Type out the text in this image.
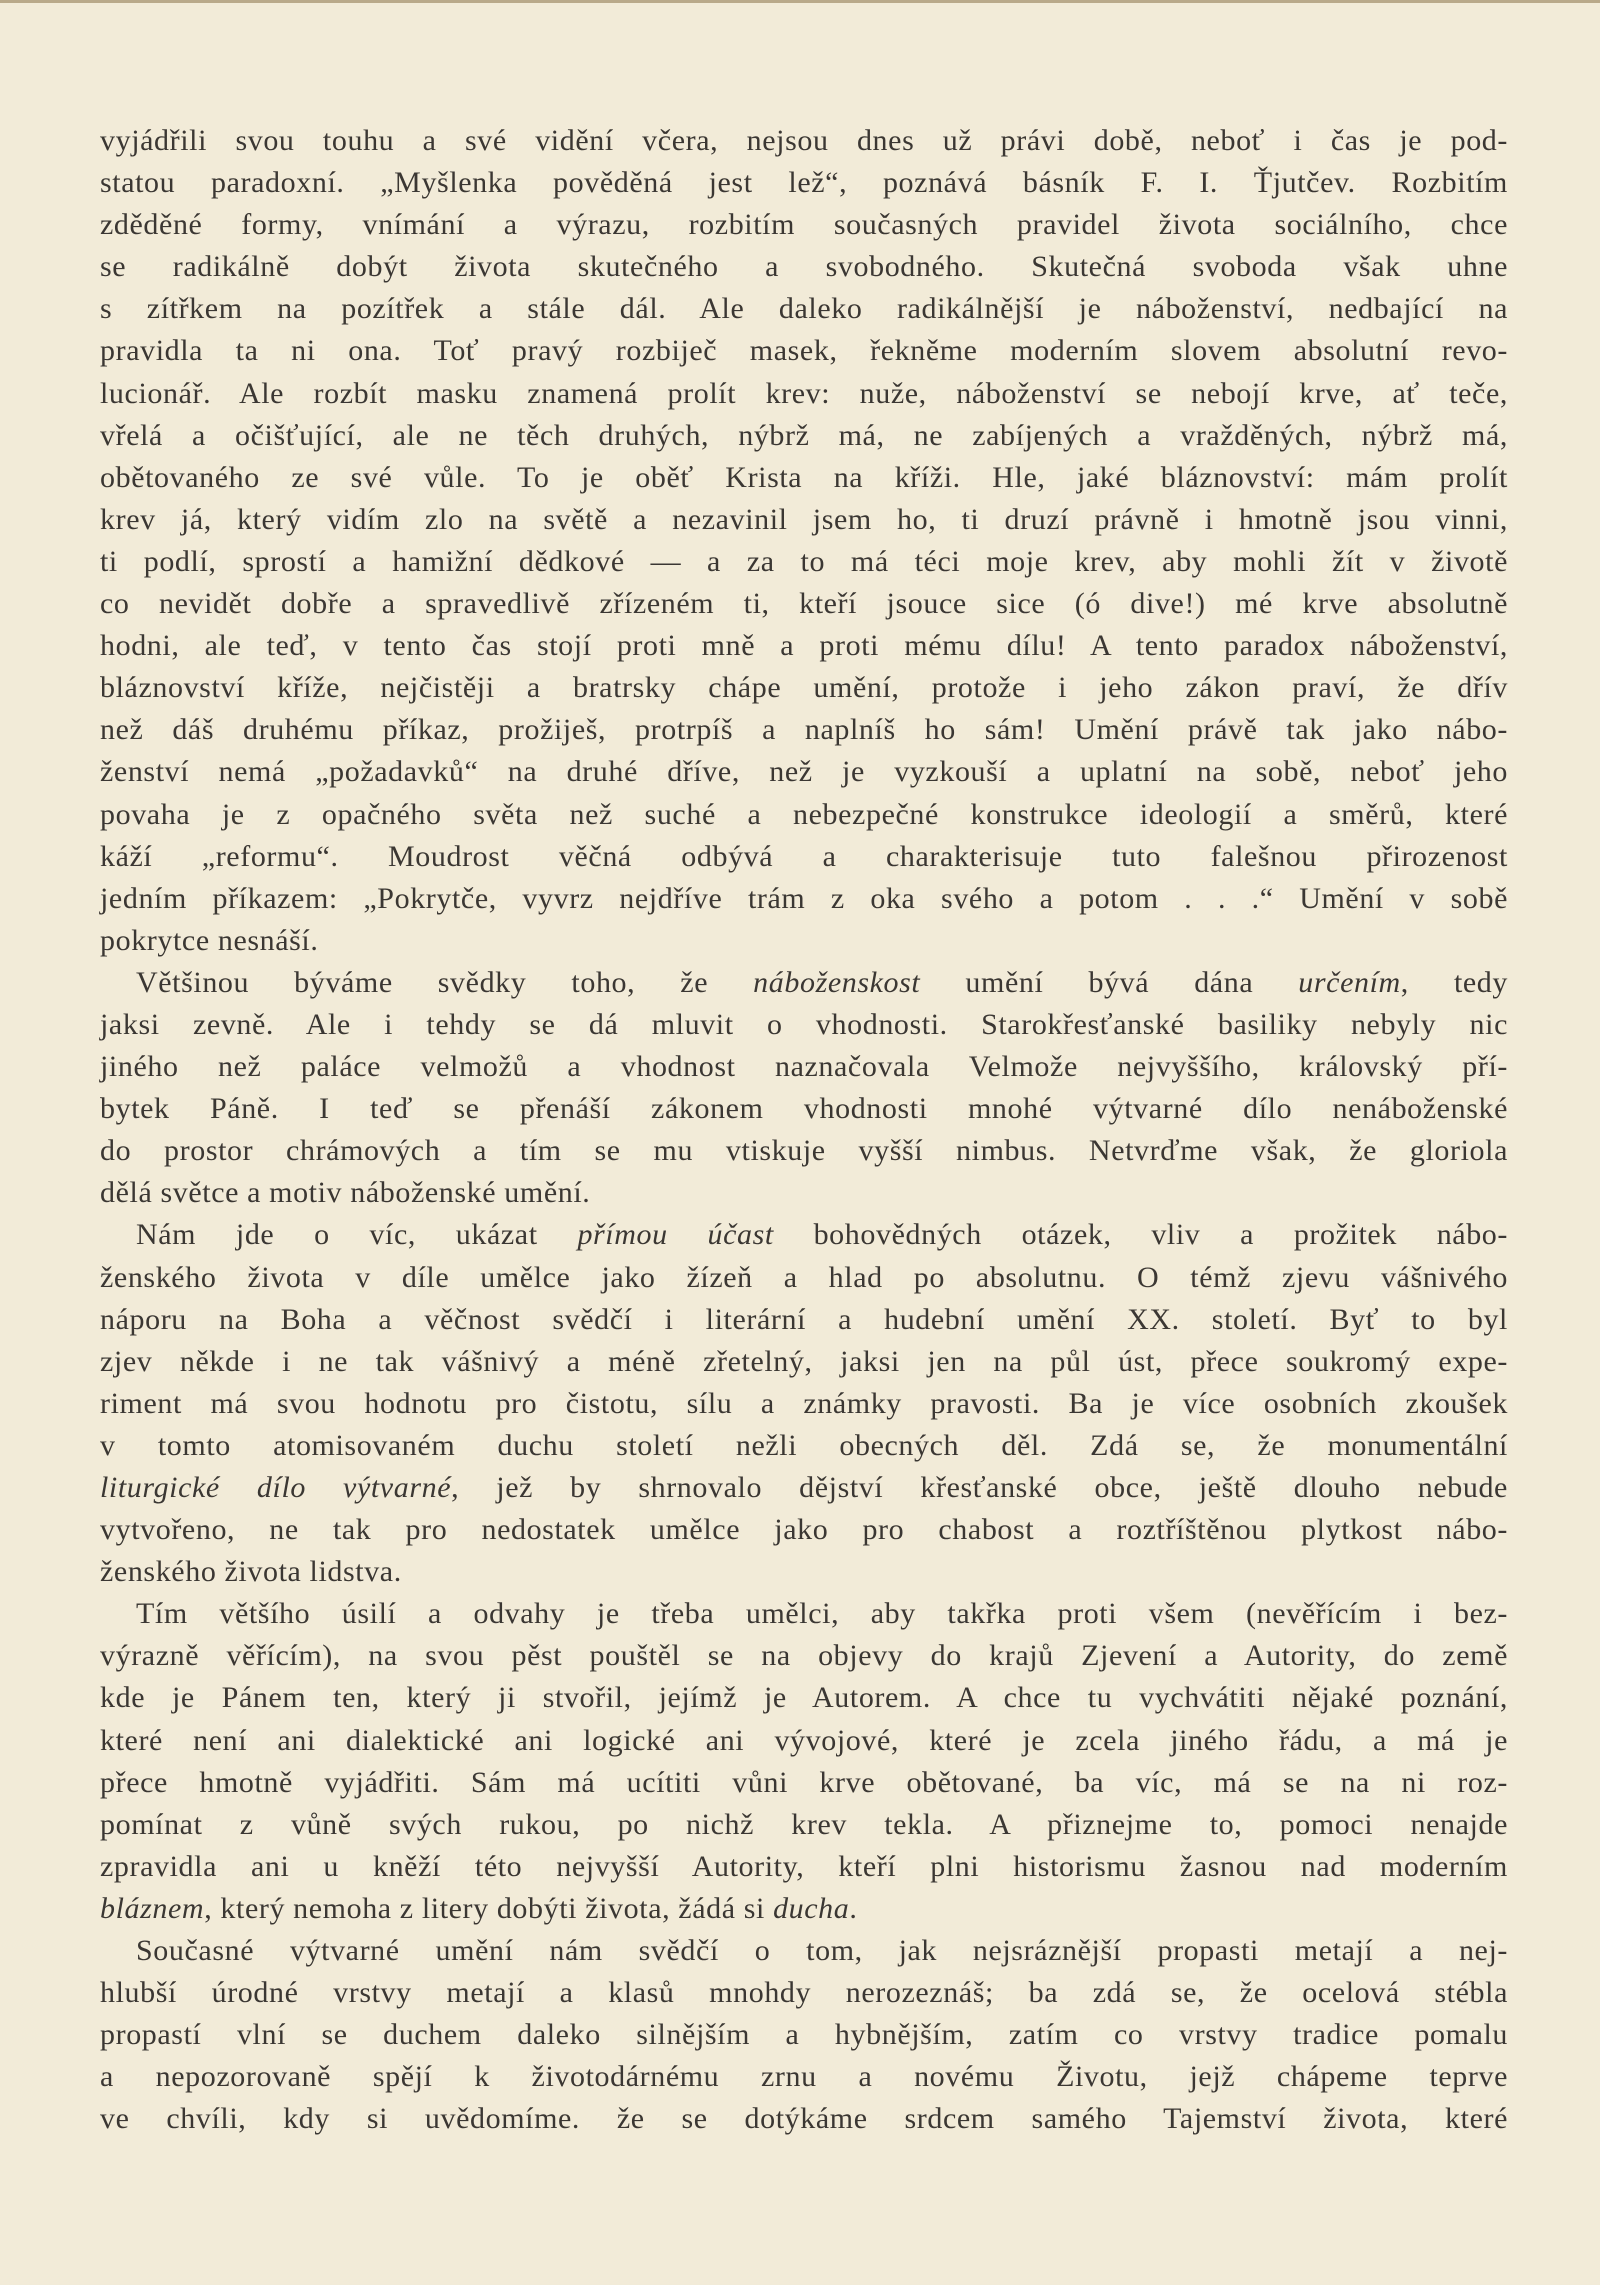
vyjádřili svou touhu a své vidění včera, nejsou dnes už právi době, neboť i čas je pod-
statou paradoxní. „Myšlenka pověděná jest lež“, poznává básník F. I. Ťjutčev. Rozbitím
zděděné formy, vnímání a výrazu, rozbitím současných pravidel života sociálního, chce
se radikálně dobýt života skutečného a svobodného. Skutečná svoboda však uhne
s zítřkem na pozítřek a stále dál. Ale daleko radikálnější je náboženství, nedbající na
pravidla ta ni ona. Toť pravý rozbiječ masek, řekněme moderním slovem absolutní revo-
lucionář. Ale rozbít masku znamená prolít krev: nuže, náboženství se nebojí krve, ať teče,
vřelá a očišťující, ale ne těch druhých, nýbrž má, ne zabíjených a vražděných, nýbrž má,
obětovaného ze své vůle. To je oběť Krista na kříži. Hle, jaké bláznovství: mám prolít
krev já, který vidím zlo na světě a nezavinil jsem ho, ti druzí právně i hmotně jsou vinni,
ti podlí, sprostí a hamižní dědkové — a za to má téci moje krev, aby mohli žít v životě
co nevidět dobře a spravedlivě zřízeném ti, kteří jsouce sice (ó dive!) mé krve absolutně
hodni, ale teď, v tento čas stojí proti mně a proti mému dílu! A tento paradox náboženství,
bláznovství kříže, nejčistěji a bratrsky chápe umění, protože i jeho zákon praví, že dřív
než dáš druhému příkaz, prožiješ, protrpíš a naplníš ho sám! Umění právě tak jako nábo-
ženství nemá „požadavků“ na druhé dříve, než je vyzkouší a uplatní na sobě, neboť jeho
povaha je z opačného světa než suché a nebezpečné konstrukce ideologií a směrů, které
káží „reformu“. Moudrost věčná odbývá a charakterisuje tuto falešnou přirozenost
jedním příkazem: „Pokrytče, vyvrz nejdříve trám z oka svého a potom . . .“ Umění v sobě
pokrytce nesnáší.
Většinou býváme svědky toho, že náboženskost umění bývá dána určením, tedy
jaksi zevně. Ale i tehdy se dá mluvit o vhodnosti. Starokřesťanské basiliky nebyly nic
jiného než paláce velmožů a vhodnost naznačovala Velmože nejvyššího, královský pří-
bytek Páně. I teď se přenáší zákonem vhodnosti mnohé výtvarné dílo nenáboženské
do prostor chrámových a tím se mu vtiskuje vyšší nimbus. Netvrďme však, že gloriola
dělá světce a motiv náboženské umění.
Nám jde o víc, ukázat přímou účast bohovědných otázek, vliv a prožitek nábo-
ženského života v díle umělce jako žízeň a hlad po absolutnu. O témž zjevu vášnivého
náporu na Boha a věčnost svědčí i literární a hudební umění XX. století. Byť to byl
zjev někde i ne tak vášnivý a méně zřetelný, jaksi jen na půl úst, přece soukromý expe-
riment má svou hodnotu pro čistotu, sílu a známky pravosti. Ba je více osobních zkoušek
v tomto atomisovaném duchu století nežli obecných děl. Zdá se, že monumentální
liturgické dílo výtvarné, jež by shrnovalo dějství křesťanské obce, ještě dlouho nebude
vytvořeno, ne tak pro nedostatek umělce jako pro chabost a roztříštěnou plytkost nábo-
ženského života lidstva.
Tím většího úsilí a odvahy je třeba umělci, aby takřka proti všem (nevěřícím i bez-
výrazně věřícím), na svou pěst pouštěl se na objevy do krajů Zjevení a Autority, do země
kde je Pánem ten, který ji stvořil, jejímž je Autorem. A chce tu vychvátiti nějaké poznání,
které není ani dialektické ani logické ani vývojové, které je zcela jiného řádu, a má je
přece hmotně vyjádřiti. Sám má ucítiti vůni krve obětované, ba víc, má se na ni roz-
pomínat z vůně svých rukou, po nichž krev tekla. A přiznejme to, pomoci nenajde
zpravidla ani u kněží této nejvyšší Autority, kteří plni historismu žasnou nad moderním
bláznem, který nemoha z litery dobýti života, žádá si ducha.
Současné výtvarné umění nám svědčí o tom, jak nejsráznější propasti metají a nej-
hlubší úrodné vrstvy metají a klasů mnohdy nerozeznáš; ba zdá se, že ocelová stébla
propastí vlní se duchem daleko silnějším a hybnějším, zatím co vrstvy tradice pomalu
a nepozorovaně spějí k životodárnému zrnu a novému Životu, jejž chápeme teprve
ve chvíli, kdy si uvědomíme. že se dotýkáme srdcem samého Tajemství života, které
